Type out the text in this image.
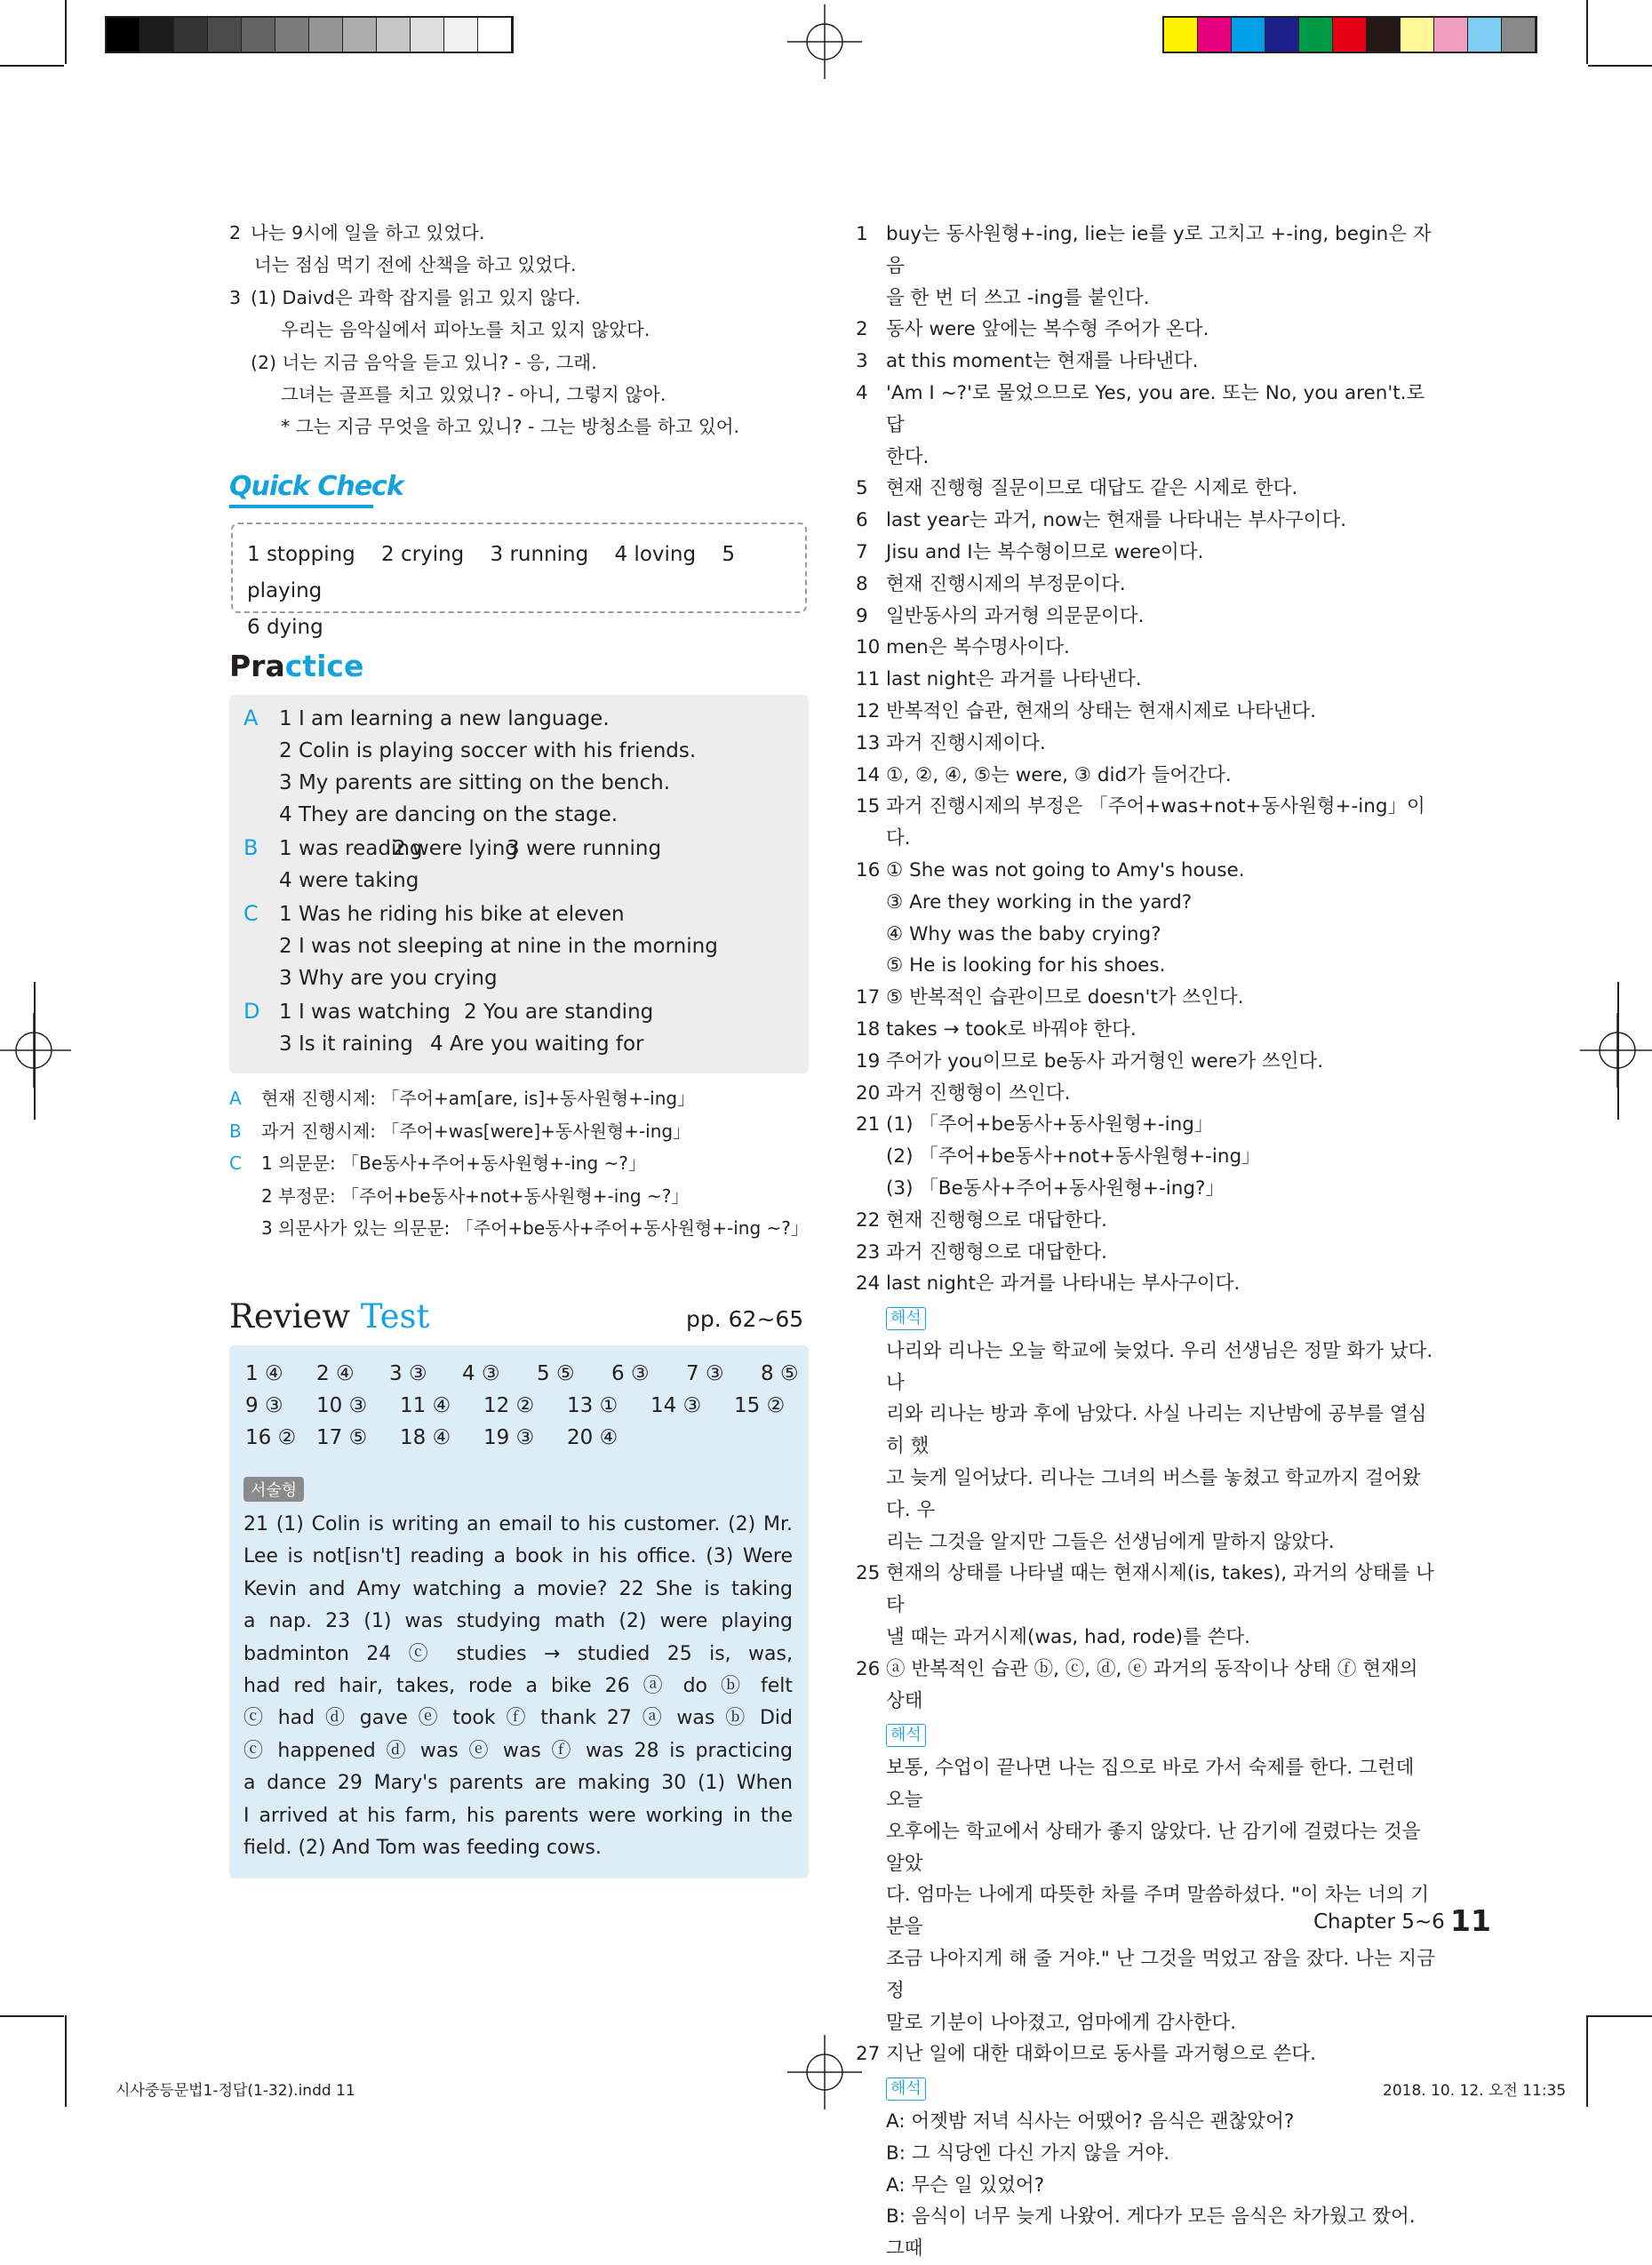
2 나는 9시에 일을 하고 있었다.
너는 점심 먹기 전에 산책을 하고 있었다.
3 (1) Daivd은 과학 잡지를 읽고 있지 않다.
우리는 음악실에서 피아노를 치고 있지 않았다.
(2) 너는 지금 음악을 듣고 있니? - 응, 그래.
그녀는 골프를 치고 있었니? - 아니, 그렇지 않아.
* 그는 지금 무엇을 하고 있니? - 그는 방청소를 하고 있어.
Quick Check
1 stopping 2 crying 3 running 4 loving 5 playing
6 dying
Practice
A 1 I am learning a new language.
2 Colin is playing soccer with his friends.
3 My parents are sitting on the bench.
4 They are dancing on the stage.
B 1 was reading
2 were lying
3 were running
4 were taking
C 1 Was he riding his bike at eleven
2 I was not sleeping at nine in the morning
3 Why are you crying
D 1 I was watching 2 You are standing
3 Is it raining 4 Are you waiting for
A 현재 진행시제: 「주어+am[are, is]+동사원형+-ing」
B 과거 진행시제: 「주어+was[were]+동사원형+-ing」
C 1 의문문: 「Be동사+주어+동사원형+-ing ~?」
2 부정문: 「주어+be동사+not+동사원형+-ing ~?」
3 의문사가 있는 의문문: 「주어+be동사+주어+동사원형+-ing ~?」
Review Test	pp. 62~65
1 ④	2 ④	3 ③	4 ③	5 ⑤	6 ③	7 ③	8 ⑤
9 ③	10 ③	11 ④	12 ②	13 ①	14 ③	15 ②
16 ② 17 ⑤	18 ④	19 ③	20 ④
서술형
21 (1) Colin is writing an email to his customer. (2) Mr.
Lee is not[isn't] reading a book in his office. (3) Were
Kevin and Amy watching a movie? 22 She is taking
a nap. 23 (1) was studying math (2) were playing
badminton 24 ⓒ studies → studied 25 is, was,
had red hair, takes, rode a bike 26 ⓐ do ⓑ felt
ⓒ had ⓓ gave ⓔ took ⓕ thank 27 ⓐ was ⓑ Did
ⓒ happened ⓓ was ⓔ was ⓕ was 28 is practicing
a dance 29 Mary's parents are making 30 (1) When
I arrived at his farm, his parents were working in the
field. (2) And Tom was feeding cows.
1 buy는 동사원형+-ing, lie는 ie를 y로 고치고 +-ing, begin은 자음
을 한 번 더 쓰고 -ing를 붙인다.
2 동사 were 앞에는 복수형 주어가 온다.
3 at this moment는 현재를 나타낸다.
4 'Am I ~?'로 물었으므로 Yes, you are. 또는 No, you aren't.로 답
한다.
5 현재 진행형 질문이므로 대답도 같은 시제로 한다.
6 last year는 과거, now는 현재를 나타내는 부사구이다.
7 Jisu and I는 복수형이므로 were이다.
8 현재 진행시제의 부정문이다.
9 일반동사의 과거형 의문문이다.
10 men은 복수명사이다.
11 last night은 과거를 나타낸다.
12 반복적인 습관, 현재의 상태는 현재시제로 나타낸다.
13 과거 진행시제이다.
14 ①, ②, ④, ⑤는 were, ③ did가 들어간다.
15 과거 진행시제의 부정은 「주어+was+not+동사원형+-ing」이다.
16 ① She was not going to Amy's house.
③ Are they working in the yard?
④ Why was the baby crying?
⑤ He is looking for his shoes.
17 ⑤ 반복적인 습관이므로 doesn't가 쓰인다.
18 takes → took로 바꿔야 한다.
19 주어가 you이므로 be동사 과거형인 were가 쓰인다.
20 과거 진행형이 쓰인다.
21 (1) 「주어+be동사+동사원형+-ing」
(2) 「주어+be동사+not+동사원형+-ing」
(3) 「Be동사+주어+동사원형+-ing?」
22 현재 진행형으로 대답한다.
23 과거 진행형으로 대답한다.
24 last night은 과거를 나타내는 부사구이다.
해석
나리와 리나는 오늘 학교에 늦었다. 우리 선생님은 정말 화가 났다. 나
리와 리나는 방과 후에 남았다. 사실 나리는 지난밤에 공부를 열심히 했
고 늦게 일어났다. 리나는 그녀의 버스를 놓쳤고 학교까지 걸어왔다. 우
리는 그것을 알지만 그들은 선생님에게 말하지 않았다.
25 현재의 상태를 나타낼 때는 현재시제(is, takes), 과거의 상태를 나타
낼 때는 과거시제(was, had, rode)를 쓴다.
26 ⓐ 반복적인 습관 ⓑ, ⓒ, ⓓ, ⓔ 과거의 동작이나 상태 ⓕ 현재의
상태
해석
보통, 수업이 끝나면 나는 집으로 바로 가서 숙제를 한다. 그런데 오늘
오후에는 학교에서 상태가 좋지 않았다. 난 감기에 걸렸다는 것을 알았
다. 엄마는 나에게 따뜻한 차를 주며 말씀하셨다. "이 차는 너의 기분을
조금 나아지게 해 줄 거야." 난 그것을 먹었고 잠을 잤다. 나는 지금 정
말로 기분이 나아졌고, 엄마에게 감사한다.
27 지난 일에 대한 대화이므로 동사를 과거형으로 쓴다.
해석
A: 어젯밤 저녁 식사는 어땠어? 음식은 괜찮았어?
B: 그 식당엔 다신 가지 않을 거야.
A: 무슨 일 있었어?
B: 음식이 너무 늦게 나왔어. 게다가 모든 음식은 차가웠고 짰어. 그때
Chapter 5~6 11
시사중등문법1-정답(1-32).indd 11	2018. 10. 12. 오전 11:35
